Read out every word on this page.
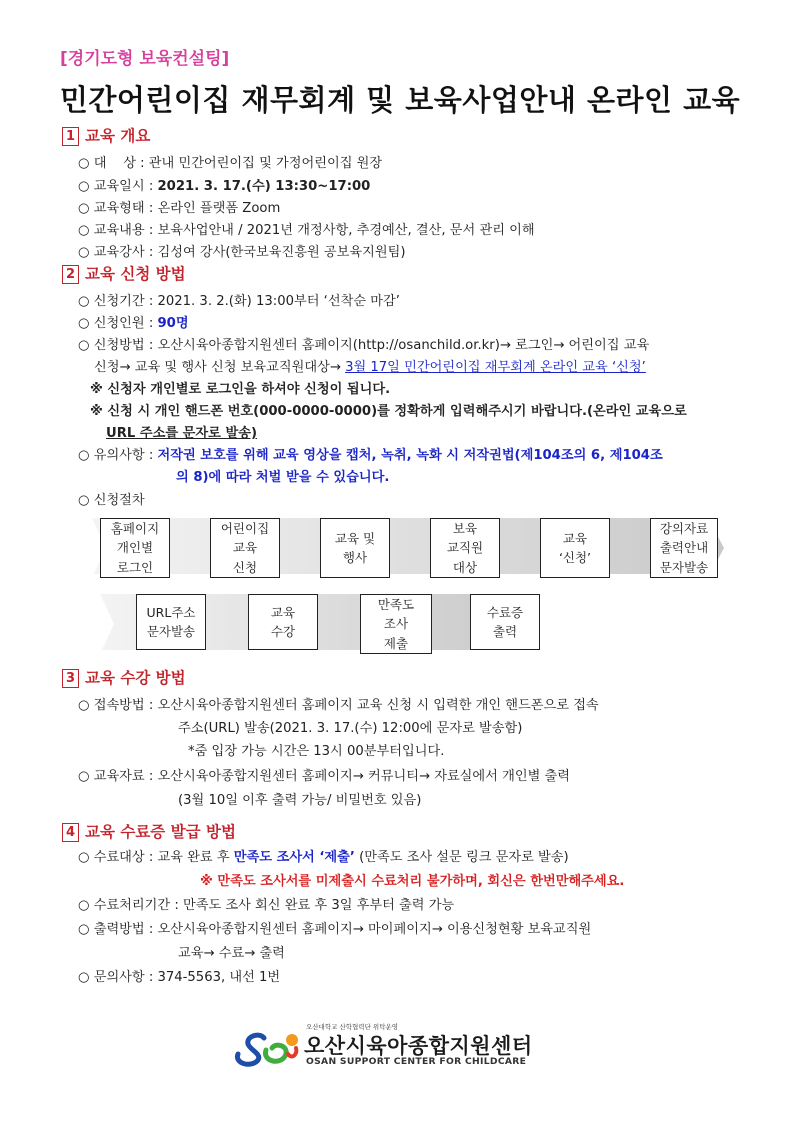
[경기도형 보육컨설팅]
민간어린이집 재무회계 및 보육사업안내 온라인 교육
1 교육 개요
○ 대    상 : 관내 민간어린이집 및 가정어린이집 원장
○ 교육일시 : 2021. 3. 17.(수) 13:30~17:00
○ 교육형태 : 온라인 플랫폼 Zoom
○ 교육내용 : 보육사업안내 / 2021년 개정사항, 추경예산, 결산, 문서 관리 이해
○ 교육강사 : 김성여 강사(한국보육진흥원 공보육지원팀)
2 교육 신청 방법
○ 신청기간 : 2021. 3. 2.(화) 13:00부터 ‘선착순 마감’
○ 신청인원 : 90명
○ 신청방법 : 오산시육아종합지원센터 홈페이지(http://osanchild.or.kr)→ 로그인→ 어린이집 교육
신청→ 교육 및 행사 신청 보육교직원대상→ 3월 17일 민간어린이집 재무회계 온라인 교육 ‘신청’
※ 신청자 개인별로 로그인을 하셔야 신청이 됩니다.
※ 신청 시 개인 핸드폰 번호(000-0000-0000)를 정확하게 입력해주시기 바랍니다.(온라인 교육으로
URL 주소를 문자로 발송)
○ 유의사항 : 저작권 보호를 위해 교육 영상을 캡처, 녹취, 녹화 시 저작권법(제104조의 6, 제104조
의 8)에 따라 처벌 받을 수 있습니다.
○ 신청절차
홈페이지
개인별
로그인
어린이집
교육
신청
교육 및
행사
보육
교직원
대상
교육
‘신청’
강의자료
출력안내
문자발송
URL주소
문자발송
교육
수강
만족도
조사
제출
수료증
출력
3 교육 수강 방법
○ 접속방법 : 오산시육아종합지원센터 홈페이지 교육 신청 시 입력한 개인 핸드폰으로 접속
주소(URL) 발송(2021. 3. 17.(수) 12:00에 문자로 발송함)
*줌 입장 가능 시간은 13시 00분부터입니다.
○ 교육자료 : 오산시육아종합지원센터 홈페이지→ 커뮤니티→ 자료실에서 개인별 출력
(3월 10일 이후 출력 가능/ 비밀번호 있음)
4 교육 수료증 발급 방법
○ 수료대상 : 교육 완료 후 만족도 조사서 ‘제출’ (만족도 조사 설문 링크 문자로 발송)
※ 만족도 조사서를 미제출시 수료처리 불가하며, 회신은 한번만해주세요.
○ 수료처리기간 : 만족도 조사 회신 완료 후 3일 후부터 출력 가능
○ 출력방법 : 오산시육아종합지원센터 홈페이지→ 마이페이지→ 이용신청현황 보육교직원
교육→ 수료→ 출력
○ 문의사항 : 374-5563, 내선 1번
오산대학교 산학협력단 위탁운영
오산시육아종합지원센터
OSAN SUPPORT CENTER FOR CHILDCARE
